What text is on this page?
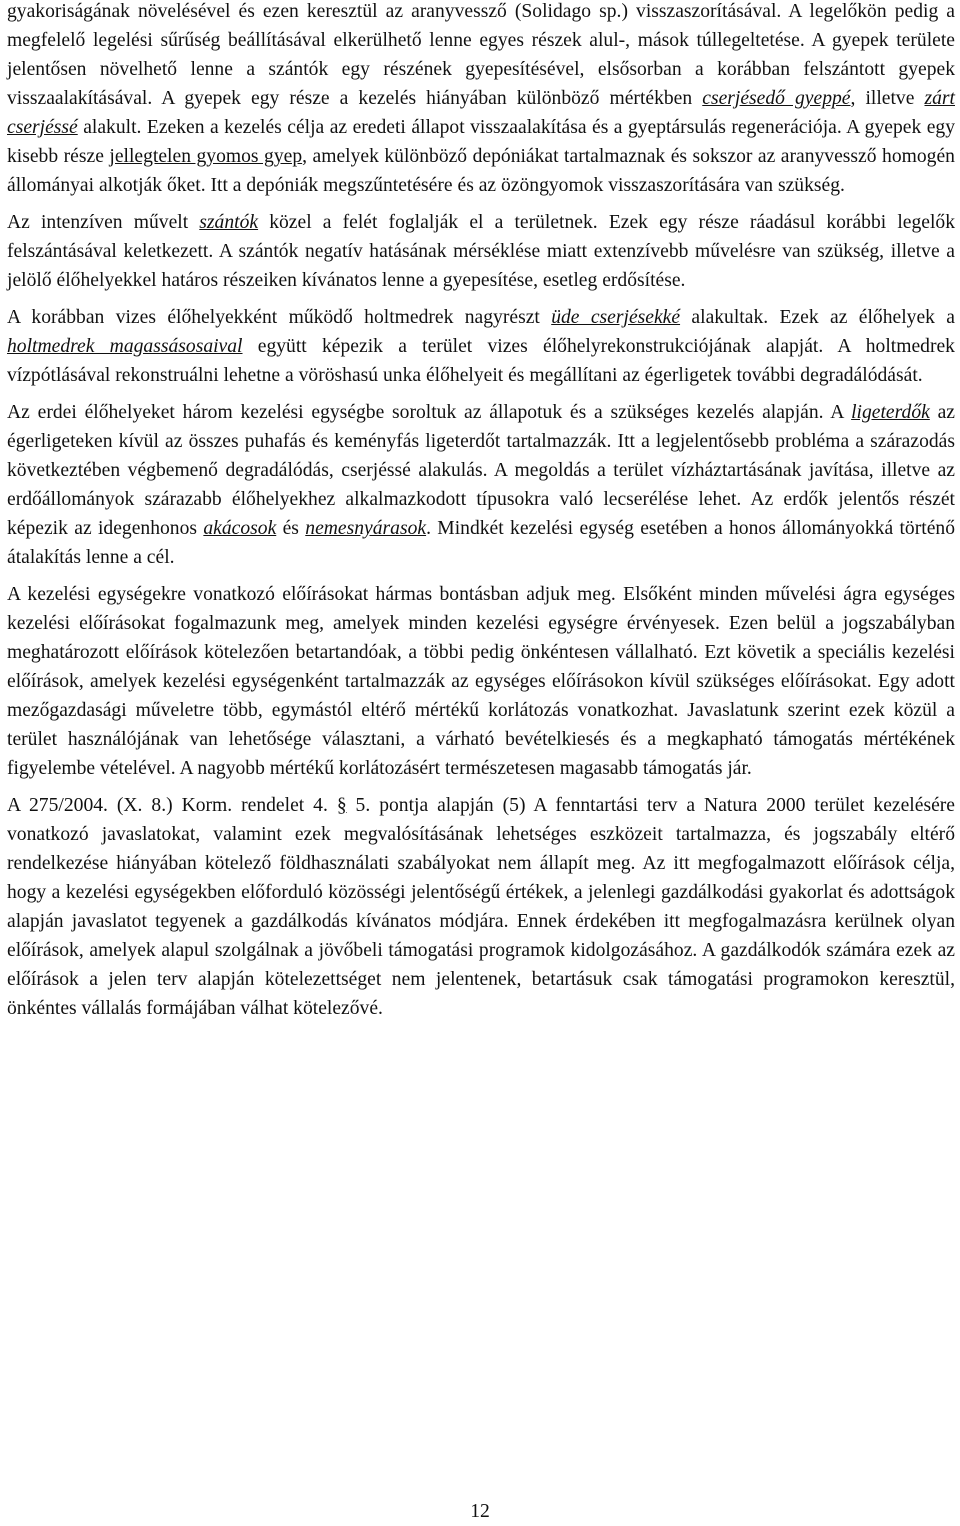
gyakoriságának növelésével és ezen keresztül az aranyvessző (Solidago sp.) visszaszorításával. A legelőkön pedig a megfelelő legelési sűrűség beállításával elkerülhető lenne egyes részek alul-, mások túllegeltetése. A gyepek területe jelentősen növelhető lenne a szántók egy részének gyepesítésével, elsősorban a korábban felszántott gyepek visszaalakításával. A gyepek egy része a kezelés hiányában különböző mértékben cserjésedő gyeppé, illetve zárt cserjéssé alakult. Ezeken a kezelés célja az eredeti állapot visszaalakítása és a gyeptársulás regenerációja. A gyepek egy kisebb része jellegtelen gyomos gyep, amelyek különböző depóniákat tartalmaznak és sokszor az aranyvessző homogén állományai alkotják őket. Itt a depóniák megszűntetésére és az özöngyomok visszaszorítására van szükség.

Az intenzíven művelt szántók közel a felét foglalják el a területnek. Ezek egy része ráadásul korábbi legelők felszántásával keletkezett. A szántók negatív hatásának mérséklése miatt extenzívebb művelésre van szükség, illetve a jelölő élőhelyekkel határos részeiken kívánatos lenne a gyepesítése, esetleg erdősítése.

A korábban vizes élőhelyekként működő holtmedrek nagyrészt üde cserjésekké alakultak. Ezek az élőhelyek a holtmedrek magassásosaival együtt képezik a terület vizes élőhelyrekonstrukciójának alapját. A holtmedrek vízpótlásával rekonstruálni lehetne a vöröshasú unka élőhelyeit és megállítani az égerligetek további degradálódását.

Az erdei élőhelyeket három kezelési egységbe soroltuk az állapotuk és a szükséges kezelés alapján. A ligeterdők az égerligeteken kívül az összes puhafás és keményfás ligeterdőt tartalmazzák. Itt a legjelentősebb probléma a szárazodás következtében végbemenő degradálódás, cserjéssé alakulás. A megoldás a terület vízháztartásának javítása, illetve az erdőállományok szárazabb élőhelyekhez alkalmazkodott típusokra való lecserélése lehet. Az erdők jelentős részét képezik az idegenhonos akácosok és nemesnyárasok. Mindkét kezelési egység esetében a honos állományokká történő átalakítás lenne a cél.

A kezelési egységekre vonatkozó előírásokat hármas bontásban adjuk meg. Elsőként minden művelési ágra egységes kezelési előírásokat fogalmazunk meg, amelyek minden kezelési egységre érvényesek. Ezen belül a jogszabályban meghatározott előírások kötelezően betartandóak, a többi pedig önkéntesen vállalható. Ezt követik a speciális kezelési előírások, amelyek kezelési egységenként tartalmazzák az egységes előírásokon kívül szükséges előírásokat. Egy adott mezőgazdasági műveletre több, egymástól eltérő mértékű korlátozás vonatkozhat. Javaslatunk szerint ezek közül a terület használójának van lehetősége választani, a várható bevételkiesés és a megkapható támogatás mértékének figyelembe vételével. A nagyobb mértékű korlátozásért természetesen magasabb támogatás jár.

A 275/2004. (X. 8.) Korm. rendelet 4. § 5. pontja alapján (5) A fenntartási terv a Natura 2000 terület kezelésére vonatkozó javaslatokat, valamint ezek megvalósításának lehetséges eszközeit tartalmazza, és jogszabály eltérő rendelkezése hiányában kötelező földhasználati szabályokat nem állapít meg. Az itt megfogalmazott előírások célja, hogy a kezelési egységekben előforduló közösségi jelentőségű értékek, a jelenlegi gazdálkodási gyakorlat és adottságok alapján javaslatot tegyenek a gazdálkodás kívánatos módjára. Ennek érdekében itt megfogalmazásra kerülnek olyan előírások, amelyek alapul szolgálnak a jövőbeli támogatási programok kidolgozásához. A gazdálkodók számára ezek az előírások a jelen terv alapján kötelezettséget nem jelentenek, betartásuk csak támogatási programokon keresztül, önkéntes vállalás formájában válhat kötelezővé.

12
